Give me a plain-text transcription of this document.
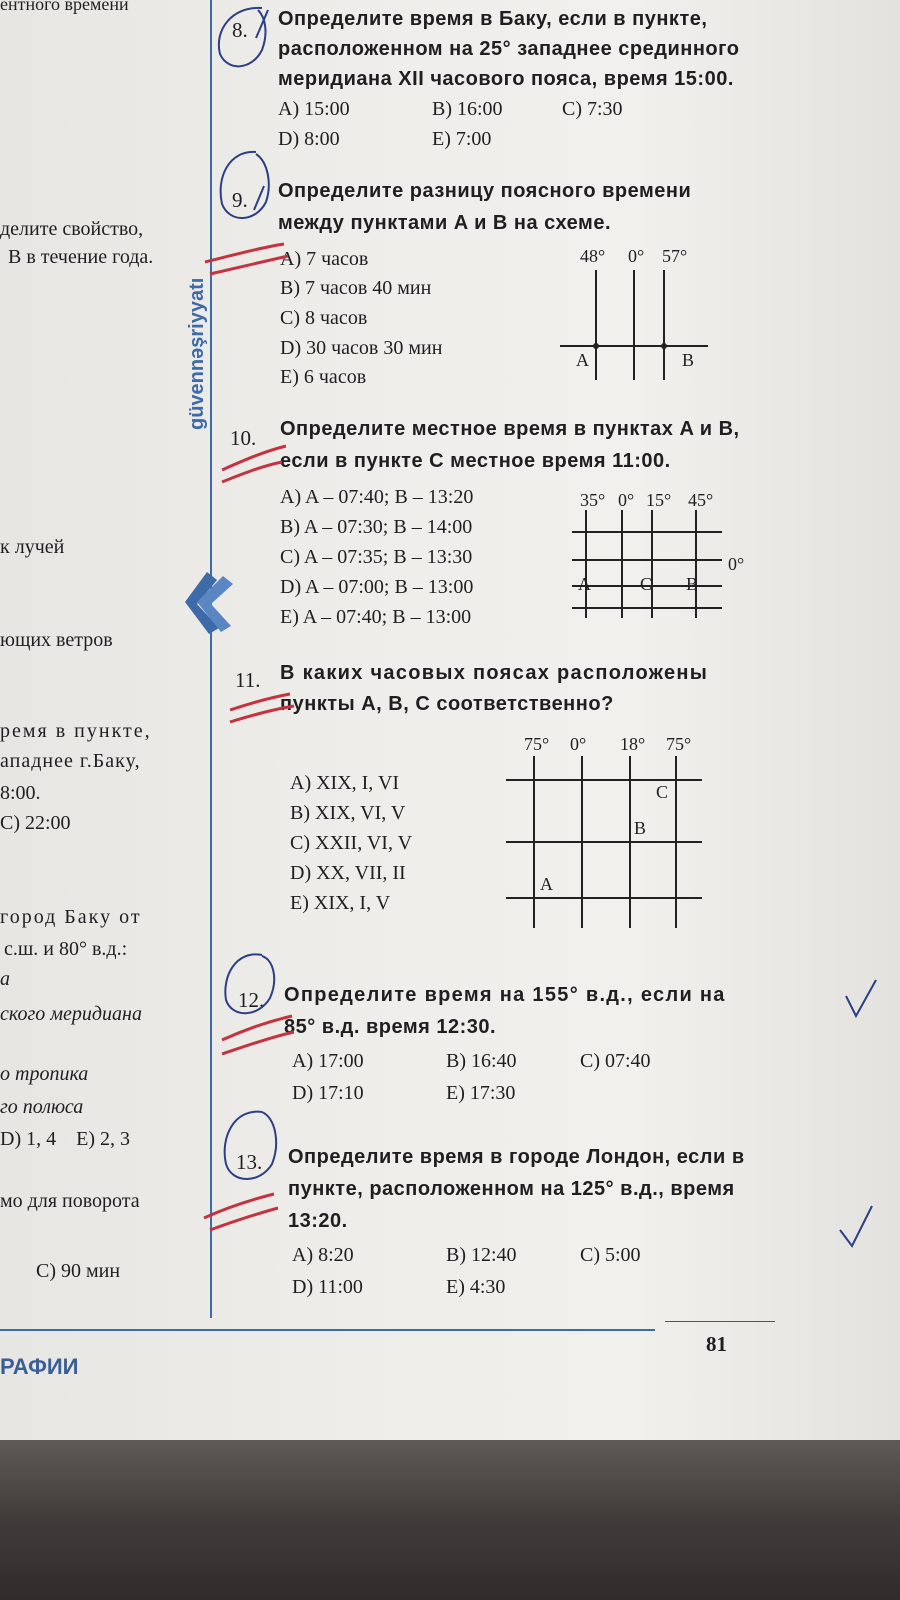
ентного времени
делите свойство,
В в течение года.
к лучей
ющих ветров
ремя в пункте,
ападнее г.Баку,
8:00.
C) 22:00
город Баку от
с.ш. и 80° в.д.:
а
ского меридиана
о тропика
го полюса
D) 1, 4    E) 2, 3
мо для поворота
C) 90 мин
güvennəşriyyatı
8. Определите время в Баку, если в пункте,
расположенном на 25° западнее срединного
меридиана XII часового пояса, время 15:00.
A) 15:00	B) 16:00	C) 7:30
D) 8:00	E) 7:00
9. Определите разницу поясного времени
между пунктами A и B на схеме.
A) 7 часов
B) 7 часов 40 мин
C) 8 часов
D) 30 часов 30 мин
E) 6 часов
48° 0° 57°
A	B
10. Определите местное время в пунктах A и B,
если в пункте C местное время 11:00.
A) A – 07:40; B – 13:20
B) A – 07:30; B – 14:00
C) A – 07:35; B – 13:30
D) A – 07:00; B – 13:00
E) A – 07:40; B – 13:00
35° 0° 15° 45°
0°
A	C B
11. В каких часовых поясах расположены
пункты A, B, C соответственно?
A) XIX, I, VI
B) XIX, VI, V
C) XXII, VI, V
D) XX, VII, II
E) XIX, I, V
75° 0° 18° 75°
C
B
A
12. Определите время на 155° в.д., если на
85° в.д. время 12:30.
A) 17:00	B) 16:40	C) 07:40
D) 17:10	E) 17:30
13. Определите время в городе Лондон, если в
пункте, расположенном на 125° в.д., время
13:20.
A) 8:20	B) 12:40	C) 5:00
D) 11:00	E) 4:30
81
РАФИИ
